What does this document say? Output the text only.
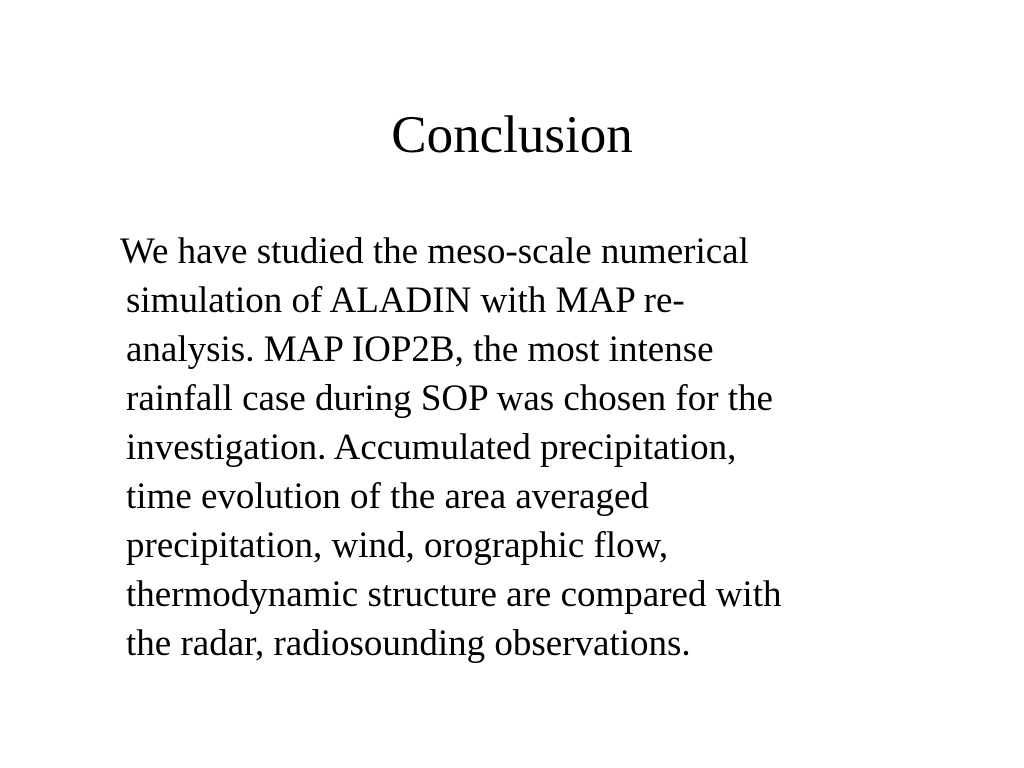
Conclusion
We have studied the meso-scale numerical
simulation of ALADIN with MAP re-
analysis. MAP IOP2B, the most intense
rainfall case during SOP was chosen for the
investigation. Accumulated precipitation,
time evolution of the area averaged
precipitation, wind, orographic flow,
thermodynamic structure are compared with
the radar, radiosounding observations.
